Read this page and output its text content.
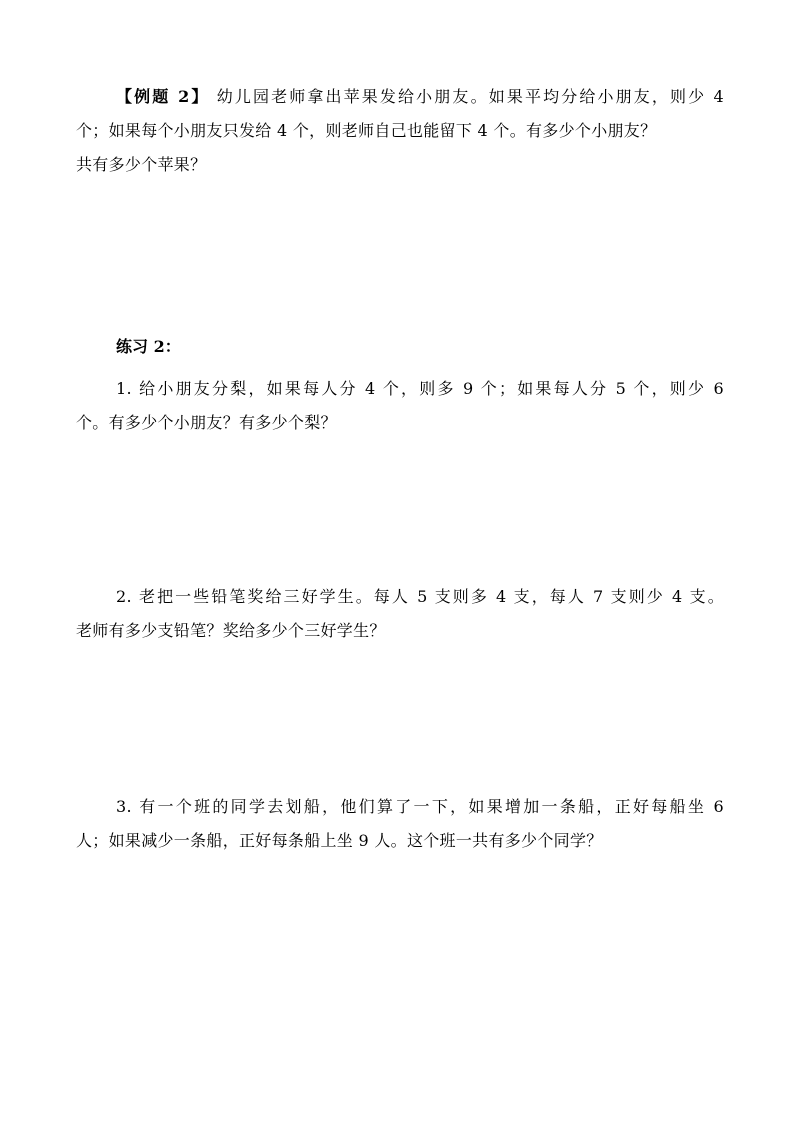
【例题 2】 幼儿园老师拿出苹果发给小朋友。如果平均分给小朋友，则少 4
个；如果每个小朋友只发给 4 个，则老师自己也能留下 4 个。有多少个小朋友？
共有多少个苹果？
练习 2：
1. 给小朋友分梨，如果每人分 4 个，则多 9 个；如果每人分 5 个，则少 6
个。有多少个小朋友？有多少个梨？
2. 老把一些铅笔奖给三好学生。每人 5 支则多 4 支，每人 7 支则少 4 支。
老师有多少支铅笔？奖给多少个三好学生？
3. 有一个班的同学去划船，他们算了一下，如果增加一条船，正好每船坐 6
人；如果减少一条船，正好每条船上坐 9 人。这个班一共有多少个同学？
